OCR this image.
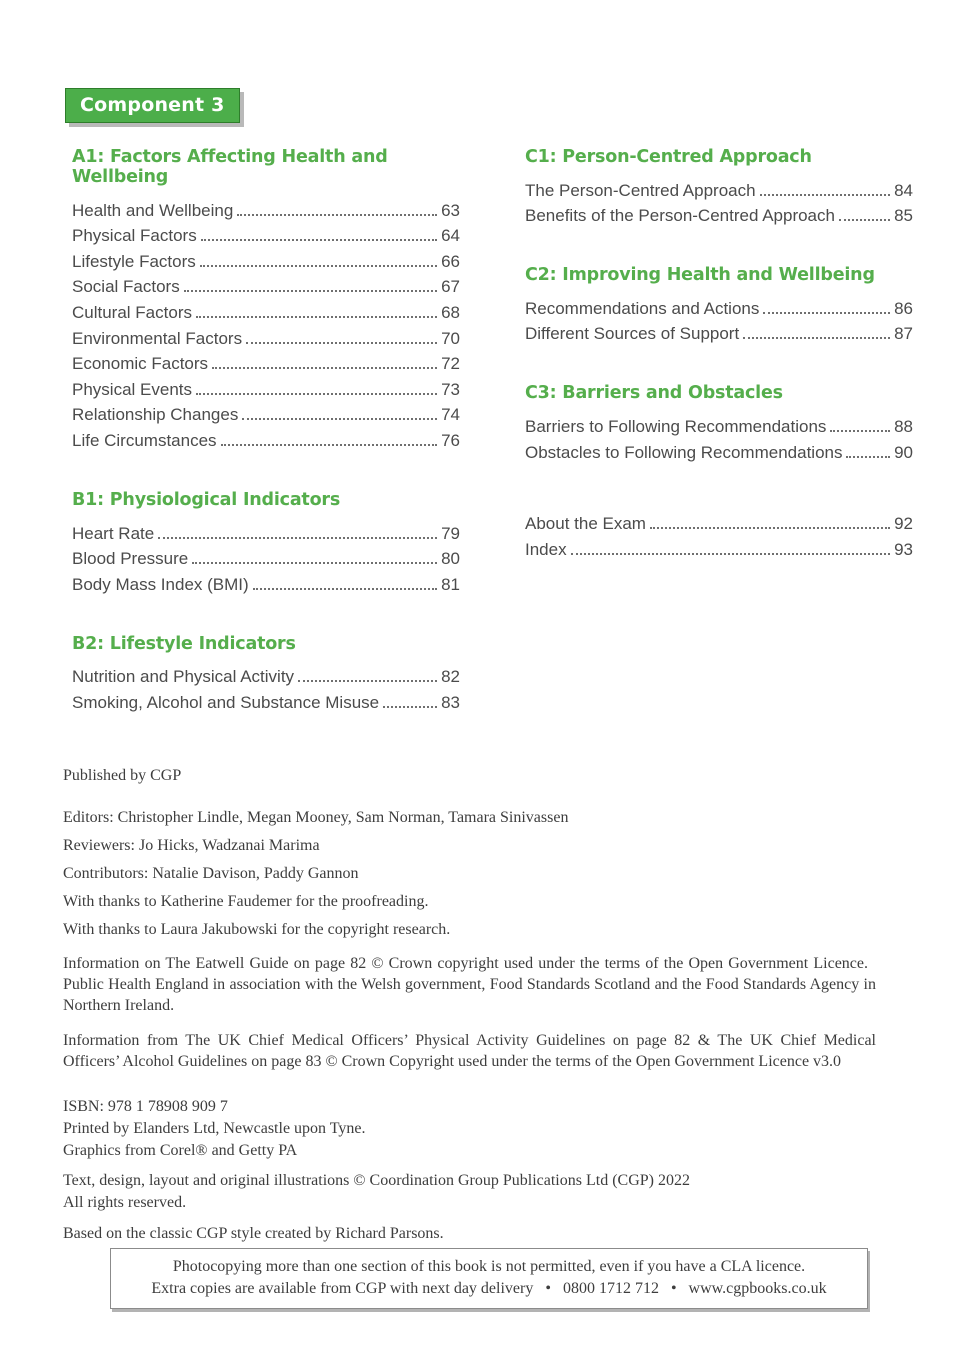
Component 3
A1: Factors Affecting Health and Wellbeing
Health and Wellbeing	63
Physical Factors	64
Lifestyle Factors	66
Social Factors	67
Cultural Factors	68
Environmental Factors	70
Economic Factors	72
Physical Events	73
Relationship Changes	74
Life Circumstances	76
B1: Physiological Indicators
Heart Rate	79
Blood Pressure	80
Body Mass Index (BMI)	81
B2: Lifestyle Indicators
Nutrition and Physical Activity	82
Smoking, Alcohol and Substance Misuse	83
C1: Person-Centred Approach
The Person-Centred Approach	84
Benefits of the Person-Centred Approach	85
C2: Improving Health and Wellbeing
Recommendations and Actions	86
Different Sources of Support	87
C3: Barriers and Obstacles
Barriers to Following Recommendations	88
Obstacles to Following Recommendations	90
About the Exam	92
Index	93
Published by CGP
Editors: Christopher Lindle, Megan Mooney, Sam Norman, Tamara Sinivassen
Reviewers: Jo Hicks, Wadzanai Marima
Contributors: Natalie Davison, Paddy Gannon
With thanks to Katherine Faudemer for the proofreading.
With thanks to Laura Jakubowski for the copyright research.
Information on The Eatwell Guide on page 82 © Crown copyright used under the terms of the Open Government Licence. Public Health England in association with the Welsh government, Food Standards Scotland and the Food Standards Agency in Northern Ireland.
Information from The UK Chief Medical Officers’ Physical Activity Guidelines on page 82 & The UK Chief Medical Officers’ Alcohol Guidelines on page 83 © Crown Copyright used under the terms of the Open Government Licence v3.0
ISBN: 978 1 78908 909 7
Printed by Elanders Ltd, Newcastle upon Tyne.
Graphics from Corel® and Getty PA
Text, design, layout and original illustrations © Coordination Group Publications Ltd (CGP) 2022
All rights reserved.
Based on the classic CGP style created by Richard Parsons.
Photocopying more than one section of this book is not permitted, even if you have a CLA licence.
Extra copies are available from CGP with next day delivery  •  0800 1712 712  •  www.cgpbooks.co.uk
